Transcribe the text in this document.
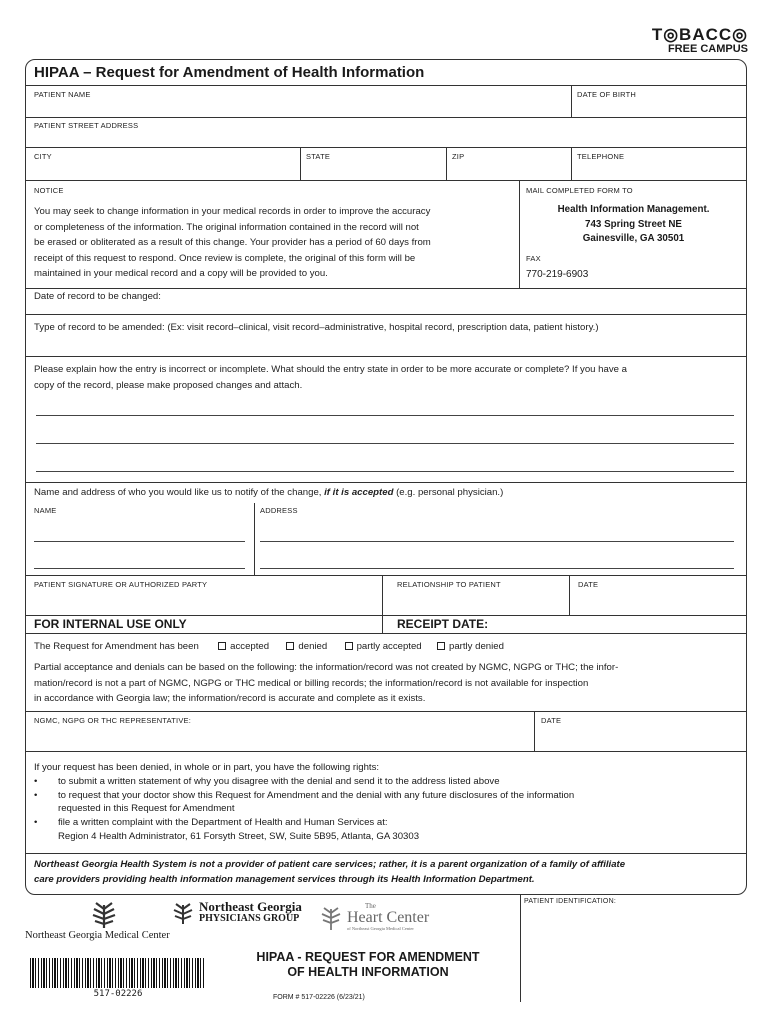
T◎BACC◎
FREE CAMPUS
HIPAA – Request for Amendment of Health Information
PATIENT NAME	DATE OF BIRTH
PATIENT STREET ADDRESS
CITY	STATE	ZIP	TELEPHONE
NOTICE
You may seek to change information in your medical records in order to improve the accuracy
or completeness of the information. The original information contained in the record will not
be erased or obliterated as a result of this change. Your provider has a period of 60 days from
receipt of this request to respond. Once review is complete, the original of this form will be
maintained in your medical record and a copy will be provided to you.
MAIL COMPLETED FORM TO
Health Information Management.
743 Spring Street NE
Gainesville, GA 30501
FAX
770-219-6903
Date of record to be changed:
Type of record to be amended: (Ex: visit record–clinical, visit record–administrative, hospital record, prescription data, patient history.)
Please explain how the entry is incorrect or incomplete. What should the entry state in order to be more accurate or complete? If you have a
copy of the record, please make proposed changes and attach.
Name and address of who you would like us to notify of the change, if it is accepted (e.g. personal physician.)
NAME	ADDRESS
PATIENT SIGNATURE OR AUTHORIZED PARTY	RELATIONSHIP TO PATIENT	DATE
FOR INTERNAL USE ONLY	RECEIPT DATE:
The Request for Amendment has been	accepted	denied	partly accepted	partly denied
Partial acceptance and denials can be based on the following: the information/record was not created by NGMC, NGPG or THC; the infor-
mation/record is not a part of NGMC, NGPG or THC medical or billing records; the information/record is not available for inspection
in accordance with Georgia law; the information/record is accurate and complete as it exists.
NGMC, NGPG OR THC REPRESENTATIVE:	DATE
If your request has been denied, in whole or in part, you have the following rights:
• to submit a written statement of why you disagree with the denial and send it to the address listed above
• to request that your doctor show this Request for Amendment and the denial with any future disclosures of the information
requested in this Request for Amendment
• file a written complaint with the Department of Health and Human Services at:
Region 4 Health Administrator, 61 Forsyth Street, SW, Suite 5B95, Atlanta, GA 30303
Northeast Georgia Health System is not a provider of patient care services; rather, it is a parent organization of a family of affiliate
care providers providing health information management services through its Health Information Department.
Northeast Georgia Medical Center
Northeast Georgia
PHYSICIANS GROUP
The
Heart Center
of Northeast Georgia Medical Center
PATIENT IDENTIFICATION:
HIPAA - REQUEST FOR AMENDMENT
OF HEALTH INFORMATION
FORM # 517-02226 (6/23/21)
517-02226
